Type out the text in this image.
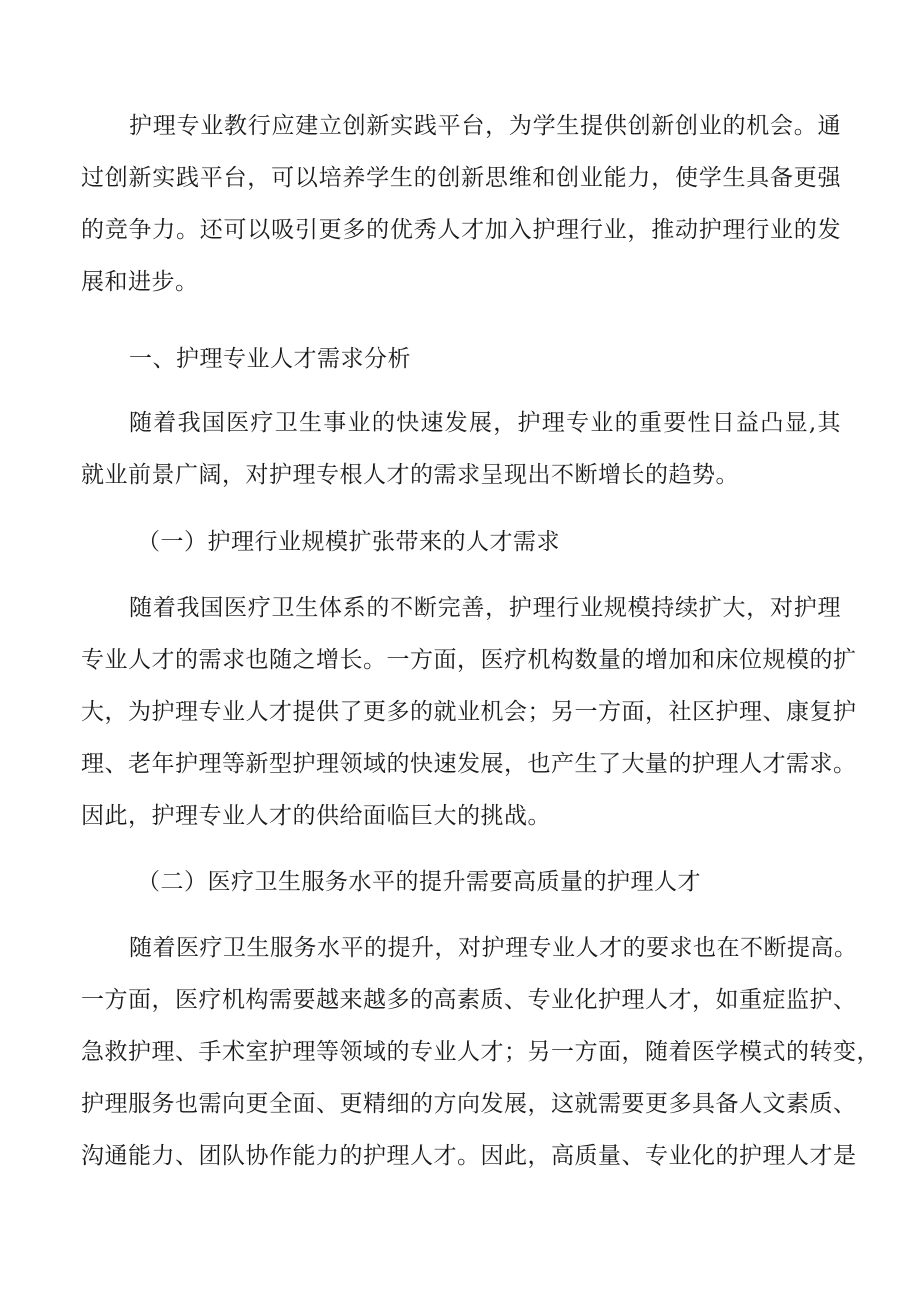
护理专业教行应建立创新实践平台，为学生提供创新创业的机会。通
过创新实践平台，可以培养学生的创新思维和创业能力，使学生具备更强
的竞争力。还可以吸引更多的优秀人才加入护理行业，推动护理行业的发
展和进步。
一、护理专业人才需求分析
随着我国医疗卫生事业的快速发展，护理专业的重要性日益凸显,其
就业前景广阔，对护理专根人才的需求呈现出不断增长的趋势。
（一）护理行业规模扩张带来的人才需求
随着我国医疗卫生体系的不断完善，护理行业规模持续扩大，对护理
专业人才的需求也随之增长。一方面，医疗机构数量的增加和床位规模的扩
大，为护理专业人才提供了更多的就业机会；另一方面，社区护理、康复护
理、老年护理等新型护理领域的快速发展，也产生了大量的护理人才需求。
因此，护理专业人才的供给面临巨大的挑战。
（二）医疗卫生服务水平的提升需要高质量的护理人才
随着医疗卫生服务水平的提升，对护理专业人才的要求也在不断提高。
一方面，医疗机构需要越来越多的高素质、专业化护理人才，如重症监护、
急救护理、手术室护理等领域的专业人才；另一方面，随着医学模式的转变，
护理服务也需向更全面、更精细的方向发展，这就需要更多具备人文素质、
沟通能力、团队协作能力的护理人才。因此，高质量、专业化的护理人才是
